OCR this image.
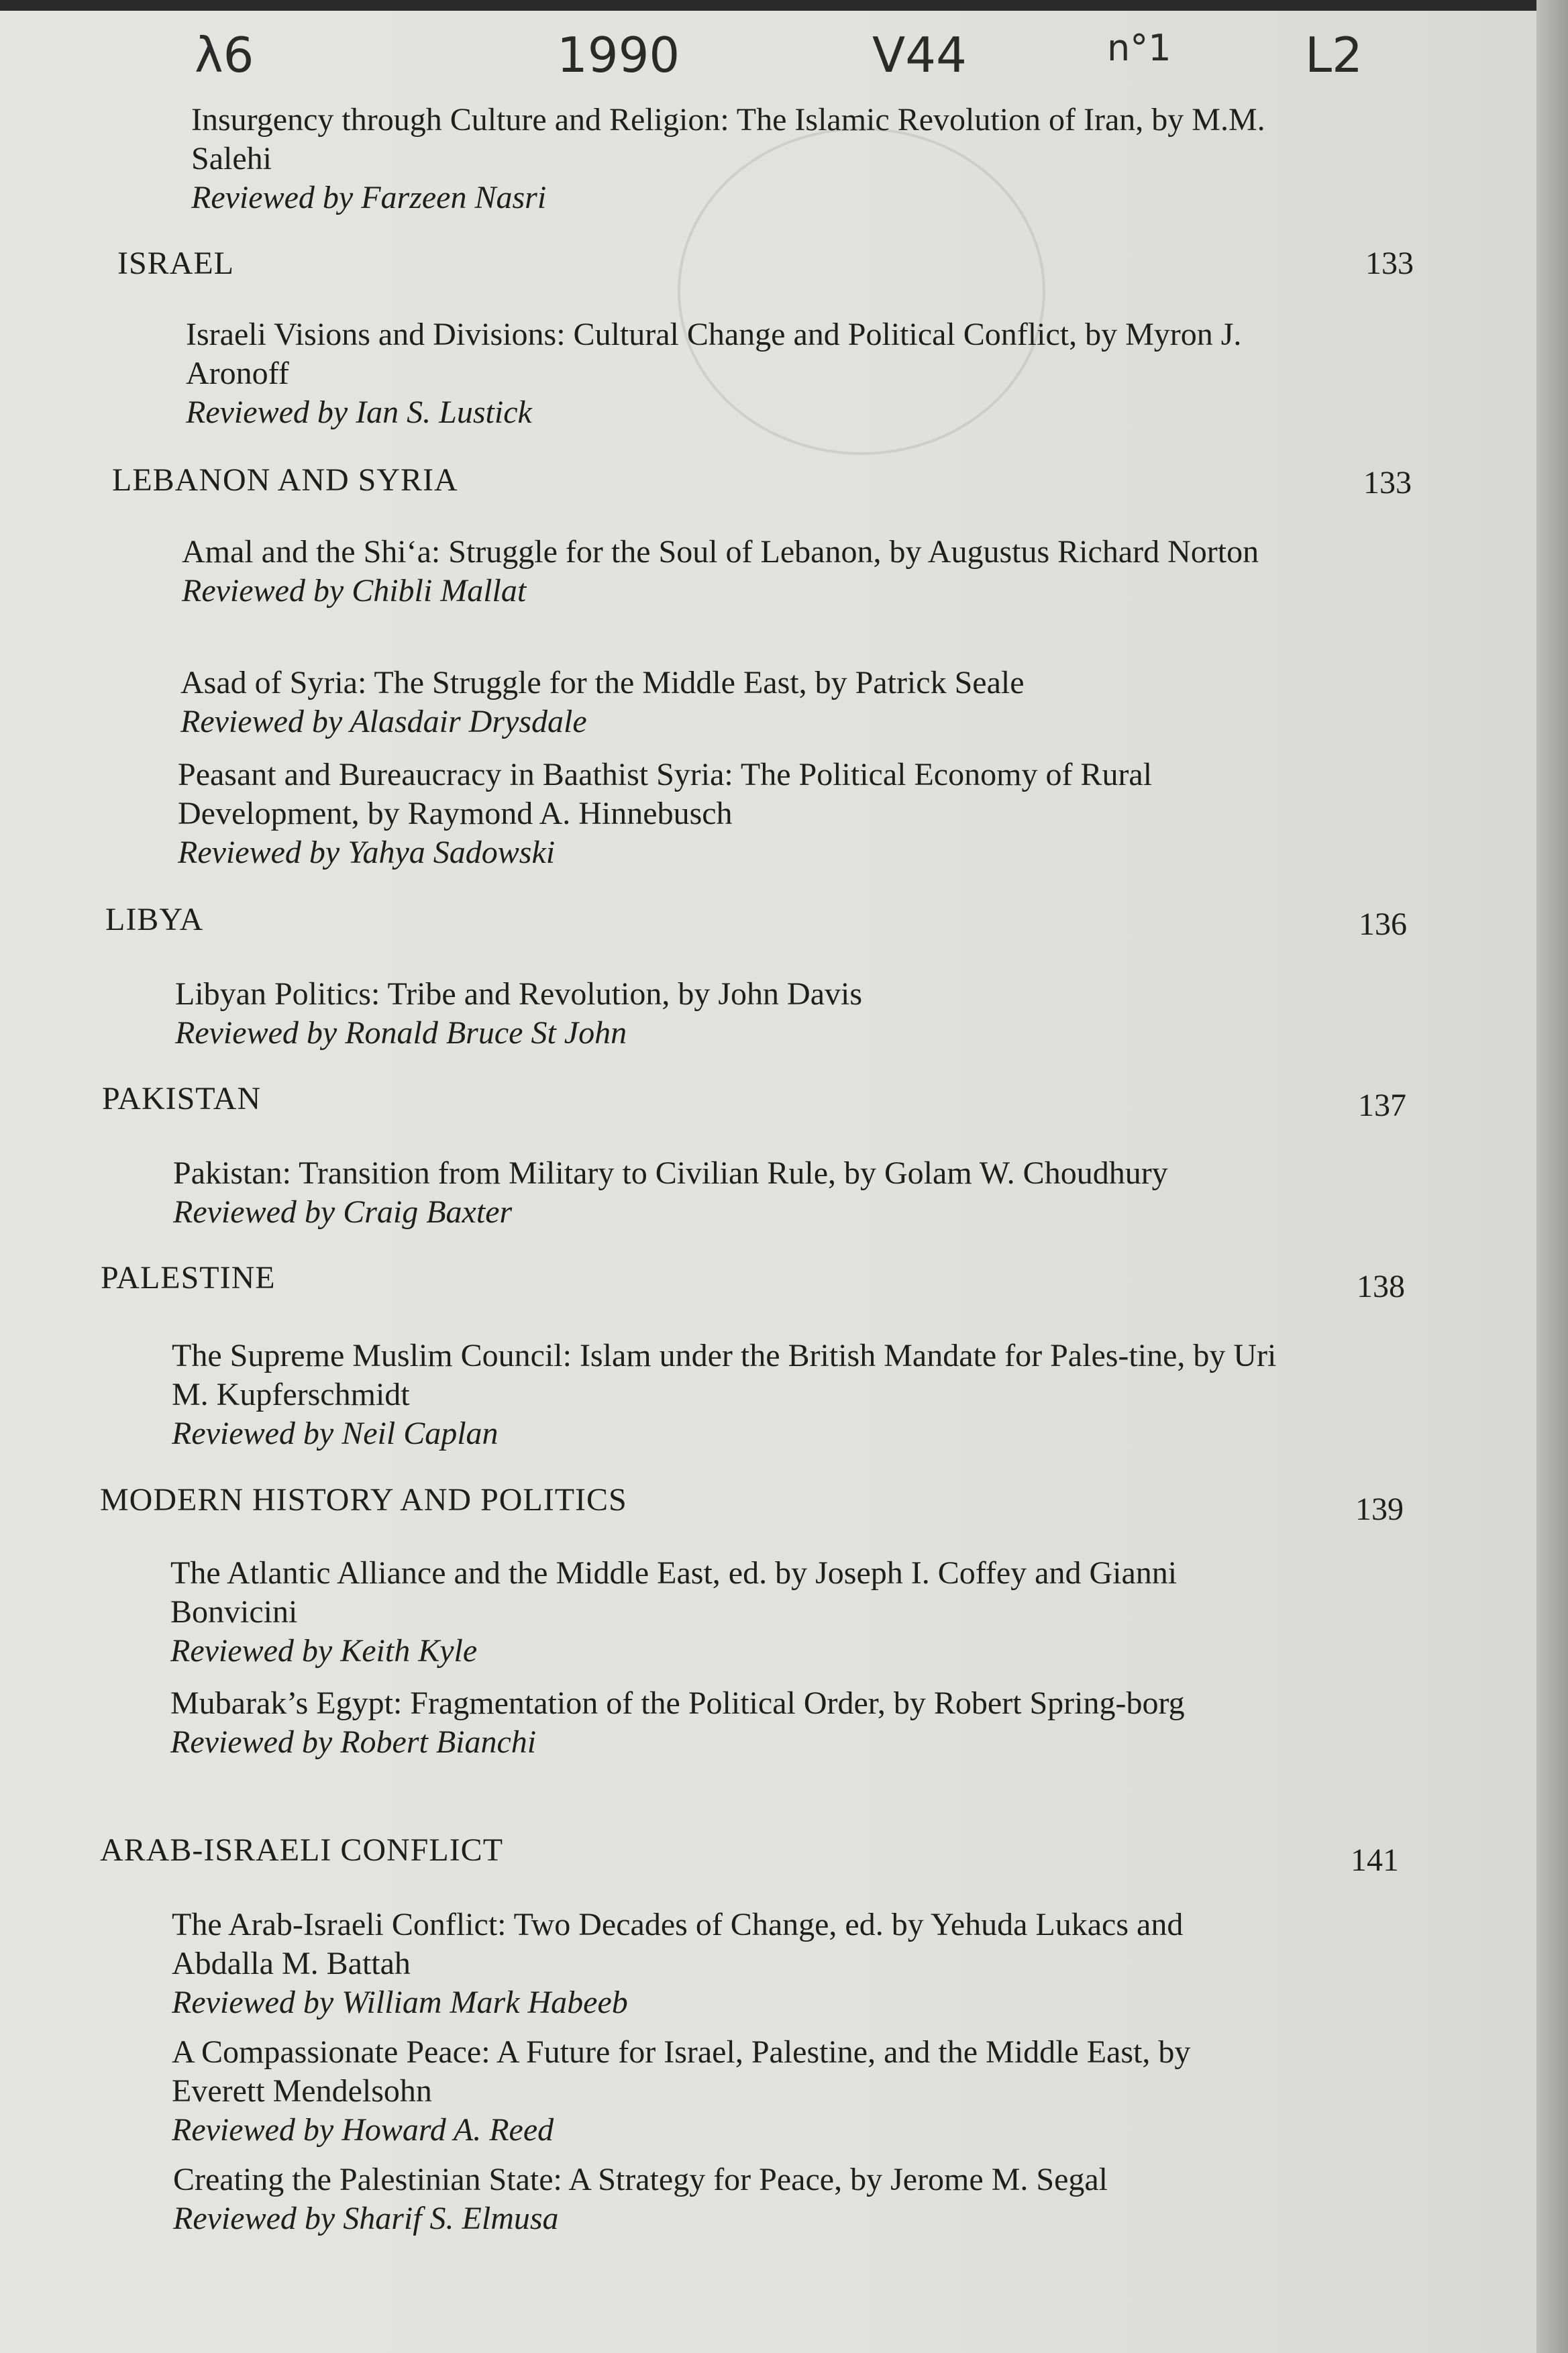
λ6	1990	V44	n°1	L2
Insurgency through Culture and Religion: The Islamic Revolution of Iran, by M.M. Salehi
Reviewed by Farzeen Nasri
ISRAEL	133
Israeli Visions and Divisions: Cultural Change and Political Conflict, by Myron J. Aronoff
Reviewed by Ian S. Lustick
LEBANON AND SYRIA	133
Amal and the Shi‘a: Struggle for the Soul of Lebanon, by Augustus Richard Norton
Reviewed by Chibli Mallat
Asad of Syria: The Struggle for the Middle East, by Patrick Seale
Reviewed by Alasdair Drysdale
Peasant and Bureaucracy in Baathist Syria: The Political Economy of Rural Development, by Raymond A. Hinnebusch
Reviewed by Yahya Sadowski
LIBYA	136
Libyan Politics: Tribe and Revolution, by John Davis
Reviewed by Ronald Bruce St John
PAKISTAN	137
Pakistan: Transition from Military to Civilian Rule, by Golam W. Choudhury
Reviewed by Craig Baxter
PALESTINE	138
The Supreme Muslim Council: Islam under the British Mandate for Pales-tine, by Uri M. Kupferschmidt
Reviewed by Neil Caplan
MODERN HISTORY AND POLITICS	139
The Atlantic Alliance and the Middle East, ed. by Joseph I. Coffey and Gianni Bonvicini
Reviewed by Keith Kyle
Mubarak’s Egypt: Fragmentation of the Political Order, by Robert Spring-borg
Reviewed by Robert Bianchi
ARAB-ISRAELI CONFLICT	141
The Arab-Israeli Conflict: Two Decades of Change, ed. by Yehuda Lukacs and Abdalla M. Battah
Reviewed by William Mark Habeeb
A Compassionate Peace: A Future for Israel, Palestine, and the Middle East, by Everett Mendelsohn
Reviewed by Howard A. Reed
Creating the Palestinian State: A Strategy for Peace, by Jerome M. Segal
Reviewed by Sharif S. Elmusa
